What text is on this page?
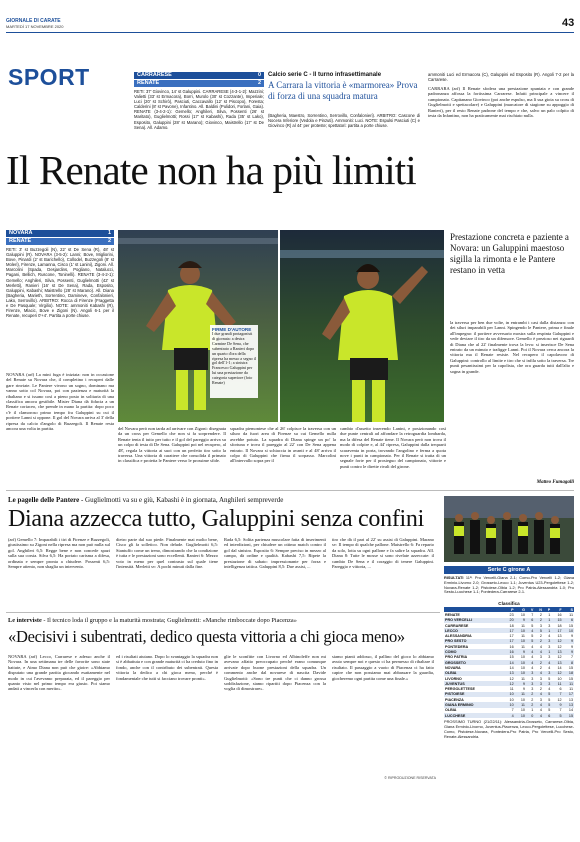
GIORNALE DI CARATE
MARTEDÌ 17 NOVEMBRE 2020	43
SPORT	CARRARESE	0
RENATE	2
RETI: 37' Giovinco, 14' st Galuppini. CARRARESE (4-3-1-2): Mazzini; Valietti (33' st Ermacora), Borri, Murolo (30' st Cozzante), Imperiale; Luci (20' st Schirò), Pasciuti, Caccavallo (12' st Piscopo), Foresta; Calderini (8' st Pavone), Infantino. All. Baldini (Pulidori, Forlani, Gaia). RENATE (3-4-2-1): Gemello; Anghileri, Silva, Possenti (26' st Maritato), Guglielmotti; Rossi (17' st Kabashi), Rada (35' st Lako), Esposito, Galuppini (28' st Marano); Giovinco, Maistrello (17' st De Sena). All. Adamo.
Calcio serie C - Il turno infrasettimanale
A Carrara la vittoria è «marmorea» Prova di forza di una squadra matura
(Bagheria, Maestro, Sorrentino, Serrovillo, Confalonieri). ARBITRO: Cascone di Nocera Inferiore (Vedola e Pinzuti). Ammoniti: Luci. NOTE: Espulsi Pasciuti (C) e Giovinco (R) al 44' per proteste; spettatori: partita a porte chiuse.
ammoniti Luci ed Ermacora (C), Galuppini ed Esposito (R). Angoli 7-2 per la Carrarese.
CARRARA (arf) Il Renate sfodera una prestazione spuntata e con grande padronanza affossa la fortissima Carrarese. Infatti principale a vincere il campionato. Capitanano Giovinco (poi anche espulso, ma lì sua gioia su cross di Guglielmotti e spettacolare) e Galuppini (marcatore di stagione su appoggio di Ranieri), per il resto Renate padrone del tempo e che, salvo un palo colpito di testa da Infantino, non ha praticamente mai rischiato nulla.
Il Renate non ha più limiti
NOVARA	1
RENATE	2
RETI: 3' st Buzzegoli (N), 22' st De Sena (R), 48' st Galuppini (R). NOVARA (3-5-2): Lanni; Bove, Migliorini, Bove, Pinardi (2' st Barichello), Collodel, Buzzegoli (8' st Moleri), Firenze, Lamanna, Cisco (1' st Lanini), Zigoni. All. Marcolini (Spada, Desjardins, Pogliano, Natalucci, Pagani, Bellich, Ruscone, Toninelli). RENATE (3-4-2-1): Gemello; Anghileri, Silva, Possenti, Guglielmotti (42' st Merletti), Ranieri (16' st De Sena), Rada, Esposito, Galuppini, Kabashi; Maistrello (28' st Marano). All. Diana (Bagheria, Marieth, Sorrentino, Damineve, Confalonieri, Lako, Serrovillo). ARBITRO: Rocca di Firenze (Fraggetta e De Pasquale; Virgilio). NOTE: ammoniti Kabashi (R), Firenze, Mlacic, Bove e Zigoni (N). Angoli 6-1 per il Renate, recuperi 0'+4'. Partita a porte chiuse.
NOVARA (arf) La mini fuga è iniziata: non in occasione del Renate su Novara che, il completino i recuperi dalle gare rinviate. Le Pantere vivono un sogno, dominano ma vanno sotto col Novara, poi con pazienza e maturità la ribaltano e si issano così a pieno posto in solitaria di una classifica ancora gestibile. Mister Diana dà fiducia a un Renate coriaceo, che prende in mano la partita: dopo poco c'è il clamoroso primo tempo fra Galuppini su cui il portiere Lanni si oppone. Il gol del Novara arriva al 3' della ripresa da calcio d'angolo di Buzzegoli. Il Renate resta ancora una volta in partita.	del Novara però non tarda ad arrivare con Zigoni: disegnata da un cross per Gemello che non si fa sorprendere. Il Renate tenta il tutto per tutto e il gol del pareggio arriva su un colpo di testa di De Sena. Galuppini poi nel recupero, al 48', regala la vittoria ai suoi con un perfetto tiro sotto la traversa. Una vittoria di carattere che consolida il primato in classifica e proietta le Pantere verso le prossime sfide.
squadra piemontese che al 26' colpisce la traversa con un siluro da fuori area di Firenze su cui Gemello nulla avrebbe potuto. La squadra di Diana spinge un po' la sfortuna e trova il pareggio al 22' con De Sena appena entrato. Il Novara si schiaccia in avanti e al 48' arriva il colpo di Galuppini che firma il sorpasso. Marcolini all'intervallo sopra per il
cambio d'assetto inserendo Lanini, e posizionando così due punte centrali ad affondare la retroguardia lombarda, ma la difesa del Renate tiene. Il Novara però non trova il modo di colpire e, al 44' ripresa, Galuppini dalla trequarti scaraventa in porta, trovando l'angolino e ferma a quota nove i punti in campionato. Per il Renate si tratta di un segnale forte per il prosieguo del campionato, vittorie e punti contro le dirette rivali del girone.
FIRME D'AUTORE
I due grandi protagonisti di giornata: a destra Carmine De Sena, che subentrato a Ranieri dopo un quarto d'ora della ripresa ha messo a segno il gol dell'1-1; a sinistra Francesco Galuppini per lui una prestazione da categoria superiore (foto Renate)
Prestazione concreta e paziente a Novara: un Galuppini maestoso sigilla la rimonta e le Pantere restano in vetta
la traversa per ben due volte, in entrambi i casi dalla distanza: con dei siluri imparabili per Lanni. Spingendo le Pantere, prima e finale all'impegno: il portiere avversario mostra sulla respinta Galuppini e vede deviare il tiro da un difensore. Gemello è prezioso nei riguardi di Diana che al 22' finalmente trova la leva: si inserisce De Sena entrato da un minuto e trafigge Lanni. Poi il Novara cerca ancora la vittoria ma il Renate resiste. Nel recupero il capolavoro di Galuppini: controllo al limite e tiro che si infila sotto la traversa. Tre punti pesantissimi per la capolista, che ora guarda tutti dall'alto e sogna in grande.
Matteo Fumagalli
Le pagelle delle Pantere - Guglielmotti va su e giù, Kabashi è in giornata, Anghileri sempreverde
Diana azzecca tutto, Galuppini senza confini
(arf) Gemello 7: Imparabili i tiri di Firenze e Buzzegoli, giustissimo su Zigoni nella ripresa ma non può nulla sul gol. Anghileri 6,5: Regge bene e non concede spazi sulla sua corsia. Silva 6,5: Ha portato carisma a difesa, ordinata e sempre pronta a chiudere. Possenti 6,5: Sempre attento, non sbaglia un intervento.
dietro parte dal suo piede. Finalmente mai molto bene, Cisco gli fa solletico. Non delude. Guglielmotti 6,5: Stantuffo come un treno, dimostrando che la condizione è tutta e le prestazioni sono eccellenti. Ranieri 6: Mezzo voto in meno per quel contrasto sul quale tiene l'intensità. Merletti sv: A pochi minuti dalla fine.
Rada 6,5: Solita partenza muscolare fatta di inserimenti ed interdizioni, per chiudere un ottimo match contro il gol dal sinistro. Esposito 6: Sempre preciso in mezzo al campo, dà ordine e qualità. Kabashi 7,5: Ripete la prestazione di sabato: impressionante per forza e intelligenza tattica. Galuppini 8,5: Due assist, ...
tiro che dà il pari al 22' su assist di Galuppini. Marano sv: Il tempo di qualche pallone. Maistrello 6: Fa reparto da solo, lotta su ogni pallone e fa salire la squadra. All. Diana 8: Tutte le mosse si sono rivelate azzeccate: il cambio De Sena e il coraggio di tenere Galuppini. Pareggio e vittoria, ...
Serie C girone A
RISULTATI 11ª: Pro Vercelli-Giana 2-1; Como-Pro Vercelli 1-2; Giana Erminio-Livorno 2-0; Grosseto-Lecco 1-1; Juventus U23-Pergolettese 1-2; Novara-Renate 1-2; Pistoiese-Olbia 1-2; Pro Patria-Alessandria 1-0; Pro Sesto-Lucchese 1-1; Pontedera-Carrarese 2-1.
Classifica
	P	G	V	N	P	F	S
RENATE	23	10	7	2	1	16	11
PRO VERCELLI	20	9	6	2	1	15	6
CARRARESE	18	11	5	3	3	18	15
LECCO	17	10	4	5	1	17	10
ALESSANDRIA	17	11	5	2	4	13	9
PRO SESTO	17	10	5	2	3	12	9
PONTEDERA	16	11	4	4	3	12	9
COMO	16	9	4	4	1	13	9
PRO PATRIA	15	10	4	3	3	12	7
GROSSETO	14	10	4	2	4	13	8
NOVARA	14	10	4	2	4	14	15
OLBIA	13	10	3	4	3	12	18
LIVORNO	12	11	3	3	5	10	15
JUVENTUS	12	9	3	3	3	11	11
PERGOLETTESE	11	9	3	2	4	6	11
PISTOIESE	10	11	2	4	5	7	17
PIACENZA	10	10	2	3	5	12	13
GIANA ERMINIO	10	11	2	4	5	9	13
OLBIA	7	10	1	4	5	7	14
LUCCHESE	4	10	0	4	6	5	15
PROSSIMO TURNO (21/22/11): Alessandria-Grosseto, Carrarese-Olbia, Giana Erminio-Livorno, Juventus-Piacenza, Lecco-Pergolettese, Lucchese-Como, Pistoiese-Novara, Pontedera-Pro Patria, Pro Vercelli-Pro Sesto, Renate-Alessandria.
Le interviste - Il tecnico loda il gruppo e la maturità mostrata; Guglielmotti: «Manche rimboccate dopo Piacenza»
«Decisivi i subentrati, dedico questa vittoria a chi gioca meno»
NOVARA (arf) Lecco, Carrarese e adesso anche il Novara. In una settimana tre delle favorite sono state battute, e Aimo Diana non può che gioire: «Abbiamo disputato una grande partita giocando esattamente nel modo in cui l'avevamo preparata, ed il pareggio per quanto visto nel primo tempo era giusto. Poi siamo andati a vincerla con merito».
ed i risultati aiutano. Dopo lo svantaggio la squadra non si è abbattuta e con grande maturità ci ha creduto fino in fondo, anche con il contributo dei subentrati. Questa vittoria la dedico a chi gioca meno, perché è fondamentale che tutti si facciano trovare pronti».
glie le sconfitte con Livorno ed Albinoleffe non mi avevano affatto preoccupato perché erano comunque arrivate dopo buone prestazioni della squadra. Un commento anche dal novarese di nascita Davide Guglielmotti: «Sono tre punti che ci danno grossa soddisfazione, siamo ripartiti dopo Piacenza con la voglia di dimostrare».
siamo pianti addosso, il pallino del gioco lo abbiamo avuto sempre noi e questo ci ha permesso di ribaltare il risultato. Il passaggio a vuoto di Piacenza ci ha fatto capire che non possiamo mai abbassare la guardia, giocheremo ogni partita come una finale.»
© RIPRODUZIONE RISERVATA
